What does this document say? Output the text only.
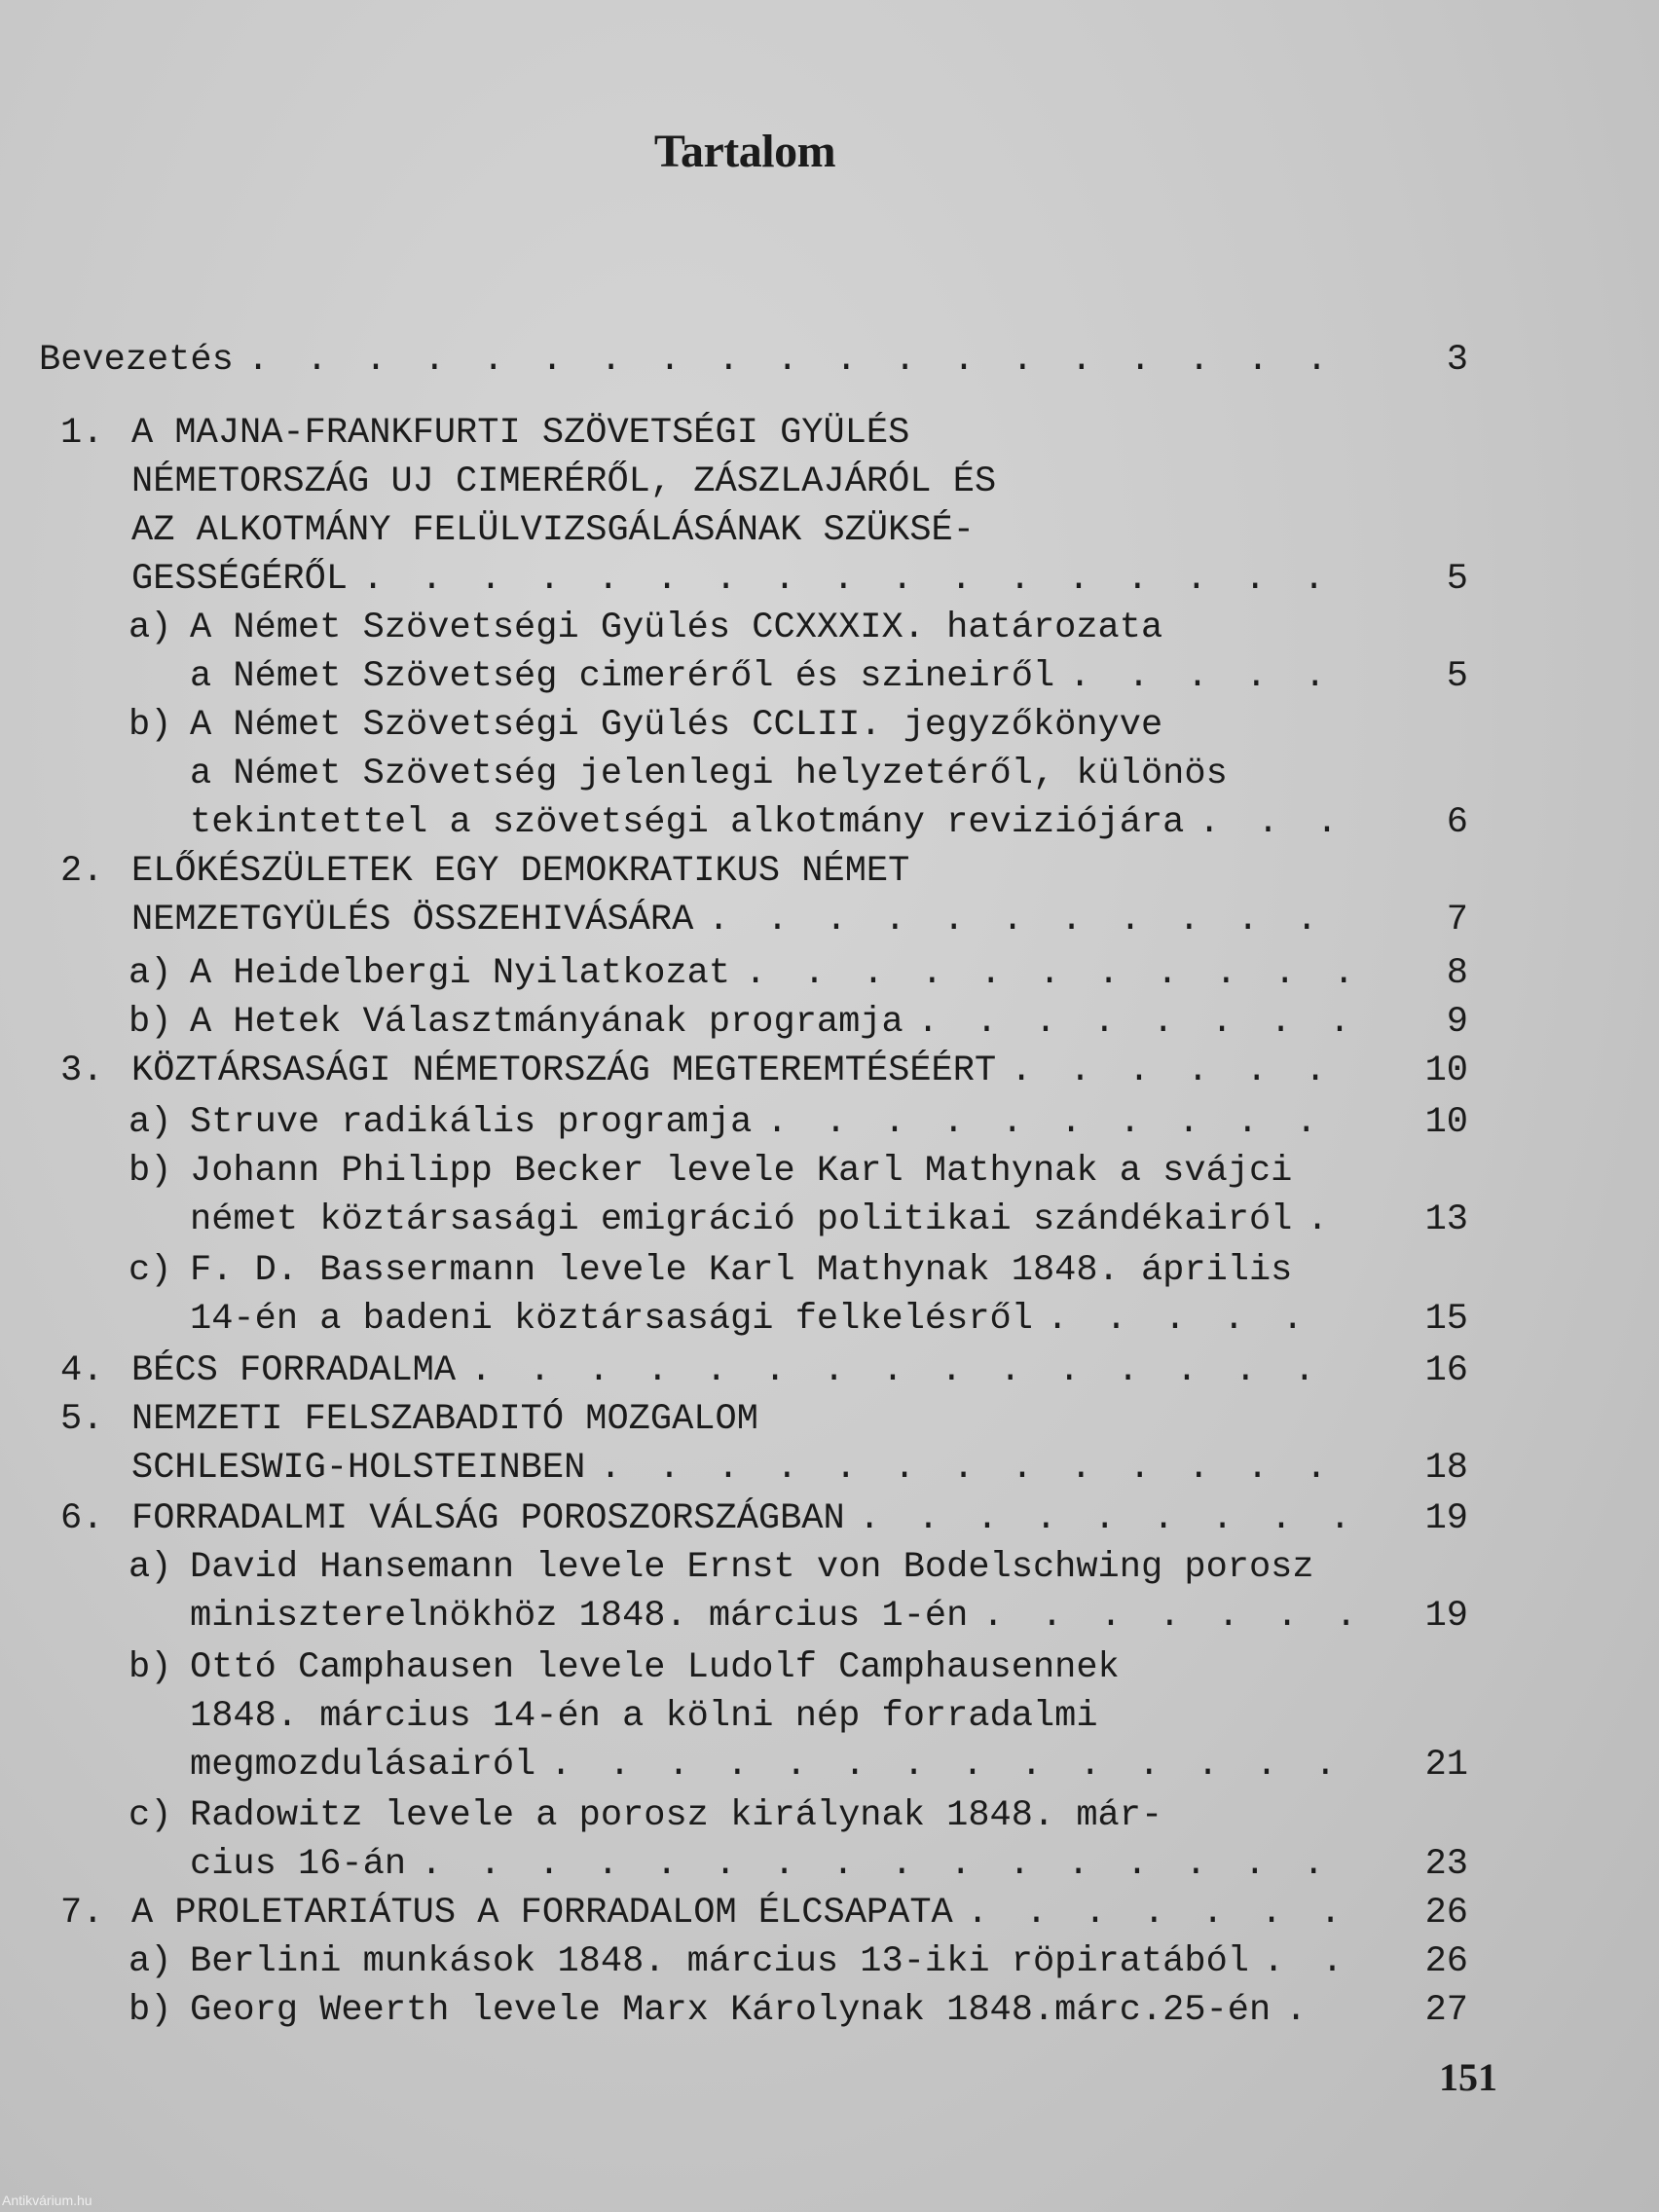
Tartalom
Bevezetés . . .	3
1. A MAJNA-FRANKFURTI SZÖVETSÉGI GYÜLÉS
NÉMETORSZÁG UJ CIMERÉRŐL, ZÁSZLAJÁRÓL ÉS
AZ ALKOTMÁNY FELÜLVIZSGÁLÁSÁNAK SZÜKSÉ-
GESSÉGÉRŐL . . .	5
a) A Német Szövetségi Gyülés CCXXXIX. határozata
a Német Szövetség cimeréről és szineiről . . .	5
b) A Német Szövetségi Gyülés CCLII. jegyzőkönyve
a Német Szövetség jelenlegi helyzetéről, különös
tekintettel a szövetségi alkotmány reviziójára . . .	6
2. ELŐKÉSZÜLETEK EGY DEMOKRATIKUS NÉMET
NEMZETGYÜLÉS ÖSSZEHIVÁSÁRA . . .	7
a) A Heidelbergi Nyilatkozat . . .	8
b) A Hetek Választmányának programja . . .	9
3. KÖZTÁRSASÁGI NÉMETORSZÁG MEGTEREMTÉSÉÉRT . . .	10
a) Struve radikális programja . . .	10
b) Johann Philipp Becker levele Karl Mathynak a svájci
német köztársasági emigráció politikai szándékairól . . .	13
c) F. D. Bassermann levele Karl Mathynak 1848. április
14-én a badeni köztársasági felkelésről . . .	15
4. BÉCS FORRADALMA . . .	16
5. NEMZETI FELSZABADITÓ MOZGALOM
SCHLESWIG-HOLSTEINBEN . . .	18
6. FORRADALMI VÁLSÁG POROSZORSZÁGBAN . . .	19
a) David Hansemann levele Ernst von Bodelschwing porosz
miniszterelnökhöz 1848. március 1-én . . .	19
b) Ottó Camphausen levele Ludolf Camphausennek
1848. március 14-én a kölni nép forradalmi
megmozdulásairól . . .	21
c) Radowitz levele a porosz királynak 1848. már-
cius 16-án . . .	23
7. A PROLETARIÁTUS A FORRADALOM ÉLCSAPATA . . .	26
a) Berlini munkások 1848. március 13-iki röpiratából . . .	26
b) Georg Weerth levele Marx Károlynak 1848.márc.25-én . . .	27
151
Antikvárium.hu
